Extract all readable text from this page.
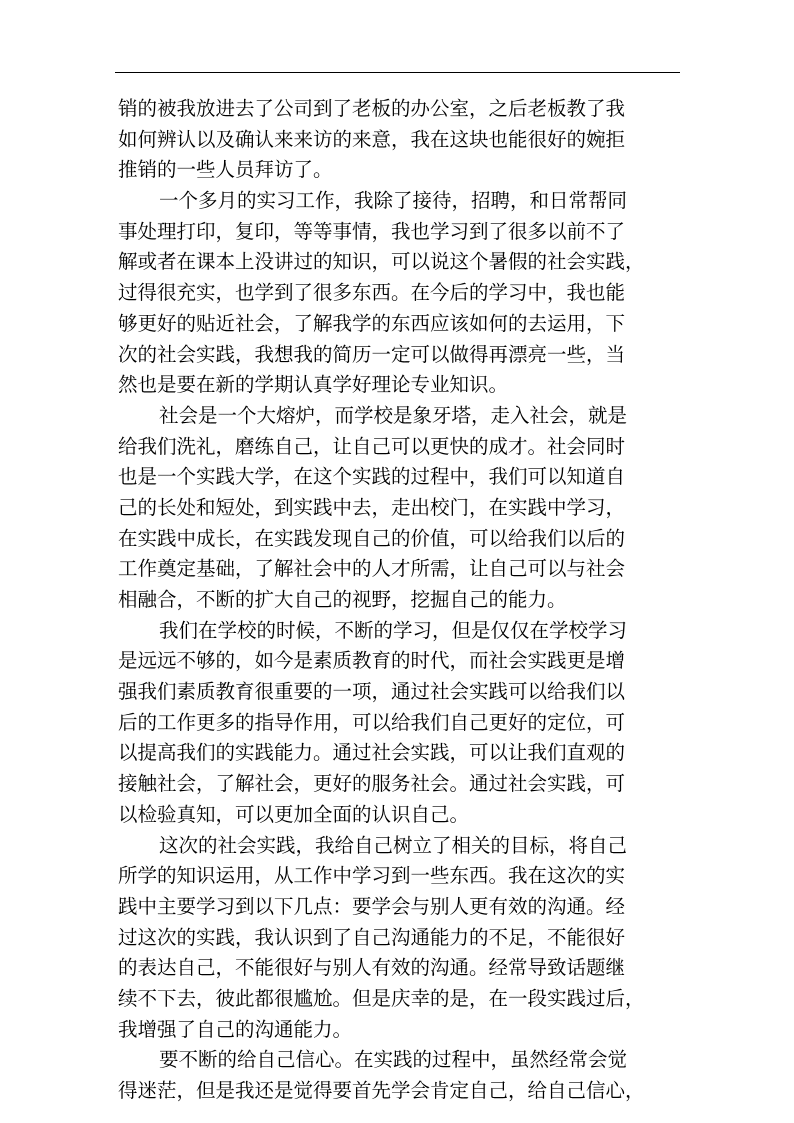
销的被我放进去了公司到了老板的办公室，之后老板教了我
如何辨认以及确认来来访的来意，我在这块也能很好的婉拒
推销的一些人员拜访了。
一个多月的实习工作，我除了接待，招聘，和日常帮同
事处理打印，复印，等等事情，我也学习到了很多以前不了
解或者在课本上没讲过的知识，可以说这个暑假的社会实践，
过得很充实，也学到了很多东西。在今后的学习中，我也能
够更好的贴近社会，了解我学的东西应该如何的去运用，下
次的社会实践，我想我的简历一定可以做得再漂亮一些，当
然也是要在新的学期认真学好理论专业知识。
社会是一个大熔炉，而学校是象牙塔，走入社会，就是
给我们洗礼，磨练自己，让自己可以更快的成才。社会同时
也是一个实践大学，在这个实践的过程中，我们可以知道自
己的长处和短处，到实践中去，走出校门，在实践中学习，
在实践中成长，在实践发现自己的价值，可以给我们以后的
工作奠定基础，了解社会中的人才所需，让自己可以与社会
相融合，不断的扩大自己的视野，挖掘自己的能力。
我们在学校的时候，不断的学习，但是仅仅在学校学习
是远远不够的，如今是素质教育的时代，而社会实践更是增
强我们素质教育很重要的一项，通过社会实践可以给我们以
后的工作更多的指导作用，可以给我们自己更好的定位，可
以提高我们的实践能力。通过社会实践，可以让我们直观的
接触社会，了解社会，更好的服务社会。通过社会实践，可
以检验真知，可以更加全面的认识自己。
这次的社会实践，我给自己树立了相关的目标，将自己
所学的知识运用，从工作中学习到一些东西。我在这次的实
践中主要学习到以下几点：要学会与别人更有效的沟通。经
过这次的实践，我认识到了自己沟通能力的不足，不能很好
的表达自己，不能很好与别人有效的沟通。经常导致话题继
续不下去，彼此都很尴尬。但是庆幸的是，在一段实践过后，
我增强了自己的沟通能力。
要不断的给自己信心。在实践的过程中，虽然经常会觉
得迷茫，但是我还是觉得要首先学会肯定自己，给自己信心，
